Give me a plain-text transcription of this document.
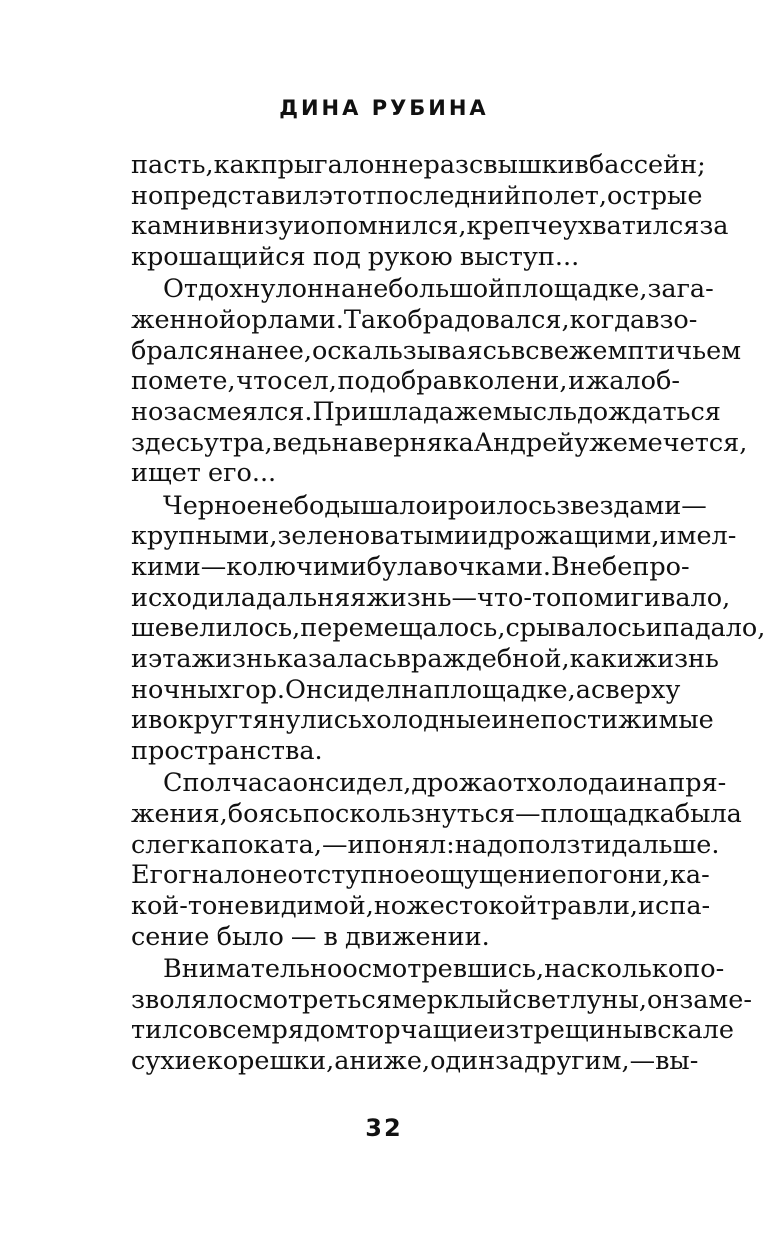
ДИНА РУБИНА
пасть, как прыгал он не раз с вышки в бассейн;
но представил этот последний полет, острые
камни внизу и опомнился, крепче ухватился за
крошащийся под рукою выступ...
Отдохнул он на небольшой площадке, зага-
женной орлами. Так обрадовался, когда взо-
брался на нее, оскальзываясь в свежем птичьем
помете, что сел, подобрав колени, и жалоб-
но засмеялся. Пришла даже мысль дождаться
здесь утра, ведь наверняка Андрей уже мечется,
ищет его...
Черное небо дышало и роилось звездами —
крупными, зеленоватыми и дрожащими, и мел-
кими — колючими булавочками. В небе про-
исходила дальняя жизнь — что-то помигивало,
шевелилось, перемещалось, срывалось и падало,
и эта жизнь казалась враждебной, как и жизнь
ночных гор. Он сидел на площадке, а сверху
и вокруг тянулись холодные и непостижимые
пространства.
С полчаса он сидел, дрожа от холода и напря-
жения, боясь поскользнуться — площадка была
слегка поката, — и понял: надо ползти дальше.
Его гнало неотступное ощущение погони, ка-
кой-то невидимой, но жестокой травли, и спа-
сение было — в движении.
Внимательно осмотревшись, насколько по-
зволял осмотреться мерклый свет луны, он заме-
тил совсем рядом торчащие из трещины в скале
сухие корешки, а ниже, один за другим, — вы-
32
